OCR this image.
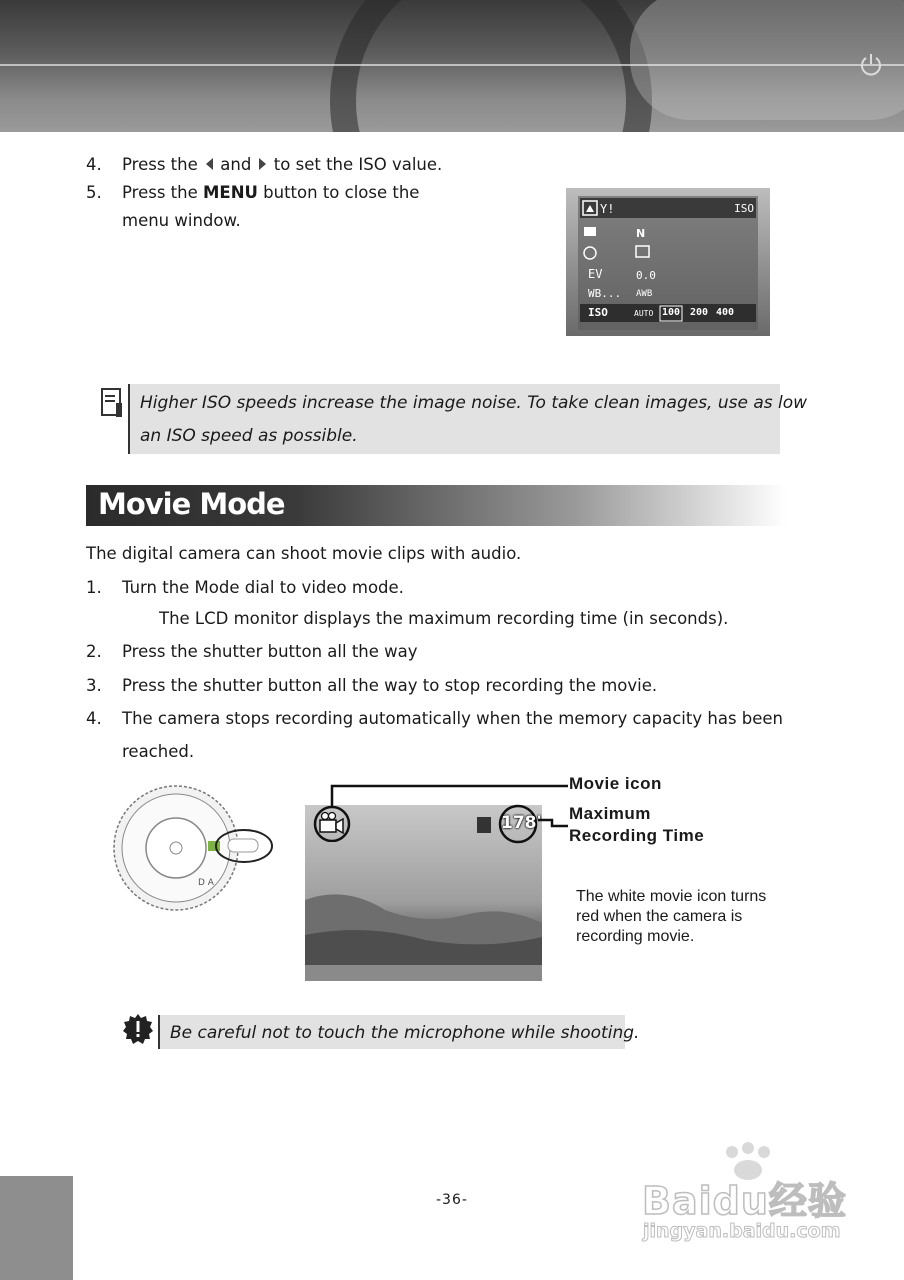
4. Press the and to set the ISO value.
5. Press the MENU button to close the
menu window.
Y!
N
ISO
EV	0.0
WB... AWB
ISO	AUTO 100 200 400
Higher ISO speeds increase the image noise. To take clean images, use as low
an ISO speed as possible.
Movie Mode
The digital camera can shoot movie clips with audio.
1. Turn the Mode dial to video mode.
The LCD monitor displays the maximum recording time (in seconds).
2. Press the shutter button all the way
3. Press the shutter button all the way to stop recording the movie.
4. The camera stops recording automatically when the memory capacity has been
reached.
D A
178'
Movie icon
Maximum
Recording Time
The white movie icon turns
red when the camera is
recording movie.
Be careful not to touch the microphone while shooting.
-36-	Baidu经验
jingyan.baidu.com
